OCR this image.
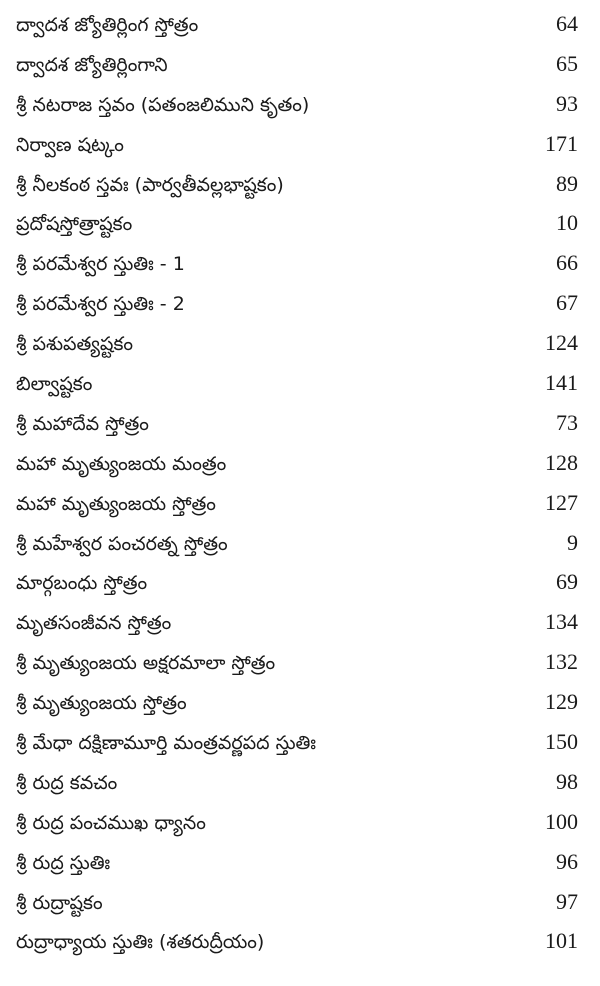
ద్వాదశ జ్యోతిర్లింగ స్తోత్రం	64
ద్వాదశ జ్యోతిర్లింగాని	65
శ్రీ నటరాజ స్తవం (పతంజలిముని కృతం)	93
నిర్వాణ షట్కం	171
శ్రీ నీలకంఠ స్తవః (పార్వతీవల్లభాష్టకం)	89
ప్రదోషస్తోత్రాష్టకం	10
శ్రీ పరమేశ్వర స్తుతిః - 1	66
శ్రీ పరమేశ్వర స్తుతిః - 2	67
శ్రీ పశుపత్యష్టకం	124
బిల్వాష్టకం	141
శ్రీ మహాదేవ స్తోత్రం	73
మహా మృత్యుంజయ మంత్రం	128
మహా మృత్యుంజయ స్తోత్రం	127
శ్రీ మహేశ్వర పంచరత్న స్తోత్రం	9
మార్గబంధు స్తోత్రం	69
మృతసంజీవన స్తోత్రం	134
శ్రీ మృత్యుంజయ అక్షరమాలా స్తోత్రం	132
శ్రీ మృత్యుంజయ స్తోత్రం	129
శ్రీ మేధా దక్షిణామూర్తి మంత్రవర్ణపద స్తుతిః	150
శ్రీ రుద్ర కవచం	98
శ్రీ రుద్ర పంచముఖ ధ్యానం	100
శ్రీ రుద్ర స్తుతిః	96
శ్రీ రుద్రాష్టకం	97
రుద్రాధ్యాయ స్తుతిః (శతరుద్రీయం)	101
